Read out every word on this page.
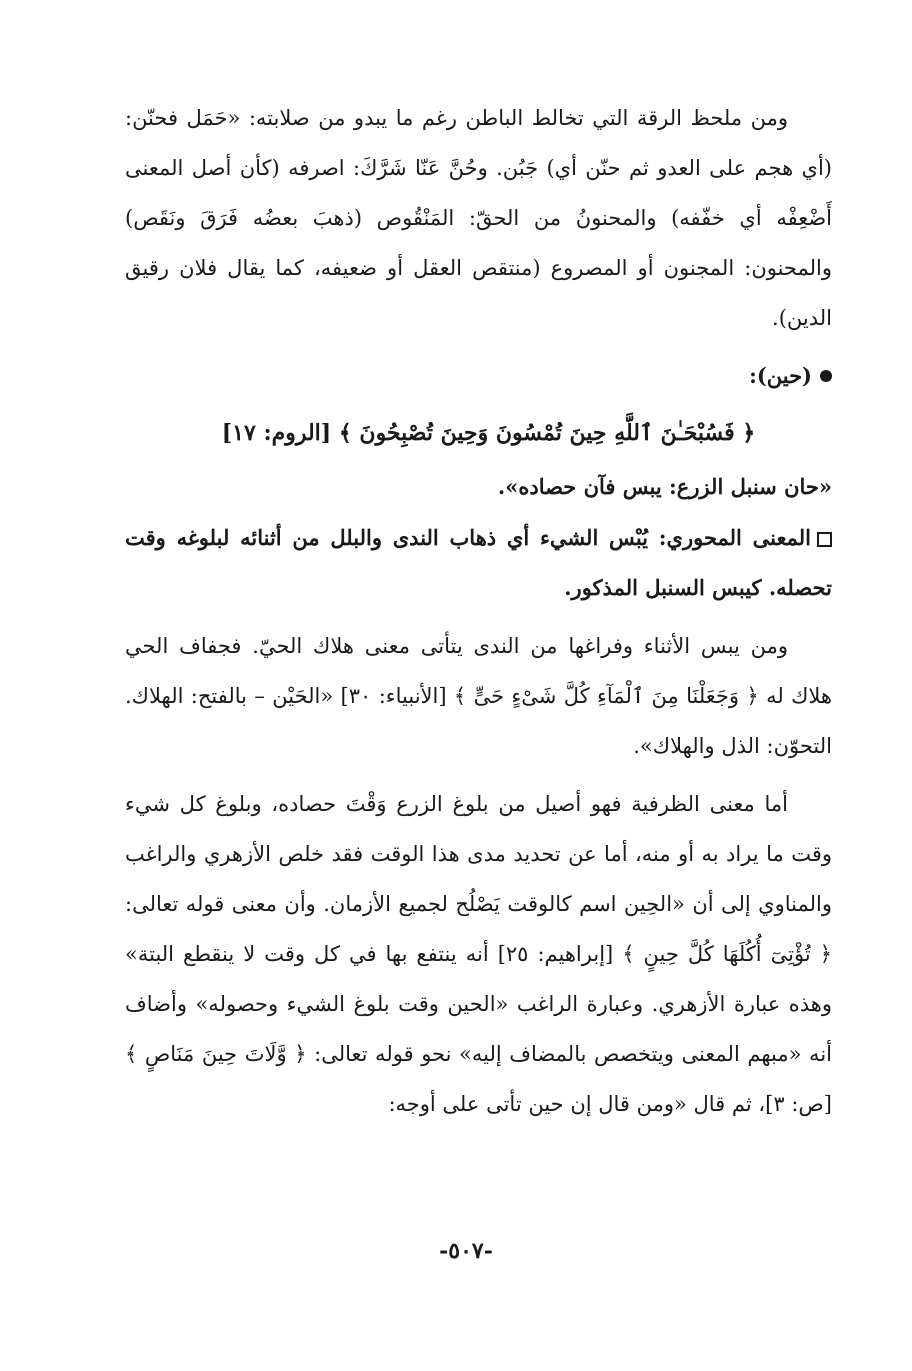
ومن ملحظ الرقة التي تخالط الباطن رغم ما يبدو من صلابته: «حَمَل فحنّن: (أي هجم على العدو ثم حنّن أي) جَبُن. وحُنَّ عَنّا شَرَّكَ: اصرفه (كأن أصل المعنى أَضْعِفْه أي خفّفه) والمحنونُ من الحقّ: المَنْقُوص (ذهبَ بعضُه فَرَقَ ونَقَص) والمحنون: المجنون أو المصروع (منتقص العقل أو ضعيفه، كما يقال فلان رقيق الدين).

(حين):

﴿ فَسُبْحَـٰنَ ٱللَّهِ حِينَ تُمْسُونَ وَحِينَ تُصْبِحُونَ ﴾ [الروم: ١٧]

«حان سنبل الزرع: يبس فآن حصاده».

المعنى المحوري: يُبْس الشيء أي ذهاب الندى والبلل من أثنائه لبلوغه وقت تحصله. كيبس السنبل المذكور.

ومن يبس الأثناء وفراغها من الندى يتأتى معنى هلاك الحيّ. فجفاف الحي هلاك له ﴿ وَجَعَلْنَا مِنَ ٱلْمَآءِ كُلَّ شَىْءٍ حَىٍّ ﴾ [الأنبياء: ٣٠] «الحَيْن – بالفتح: الهلاك. التحوّن: الذل والهلاك».

أما معنى الظرفية فهو أصيل من بلوغ الزرع وَقْتَ حصاده، وبلوغ كل شيء وقت ما يراد به أو منه، أما عن تحديد مدى هذا الوقت فقد خلص الأزهري والراغب والمناوي إلى أن «الحِين اسم كالوقت يَصْلُح لجميع الأزمان. وأن معنى قوله تعالى: ﴿ تُؤْتِىٓ أُكُلَهَا كُلَّ حِينٍ ﴾ [إبراهيم: ٢٥] أنه ينتفع بها في كل وقت لا ينقطع البتة» وهذه عبارة الأزهري. وعبارة الراغب «الحين وقت بلوغ الشيء وحصوله» وأضاف أنه «مبهم المعنى ويتخصص بالمضاف إليه» نحو قوله تعالى: ﴿ وَّلَاتَ حِينَ مَنَاصٍ ﴾ [ص: ٣]، ثم قال «ومن قال إن حين تأتى على أوجه:

-٥٠٧-
